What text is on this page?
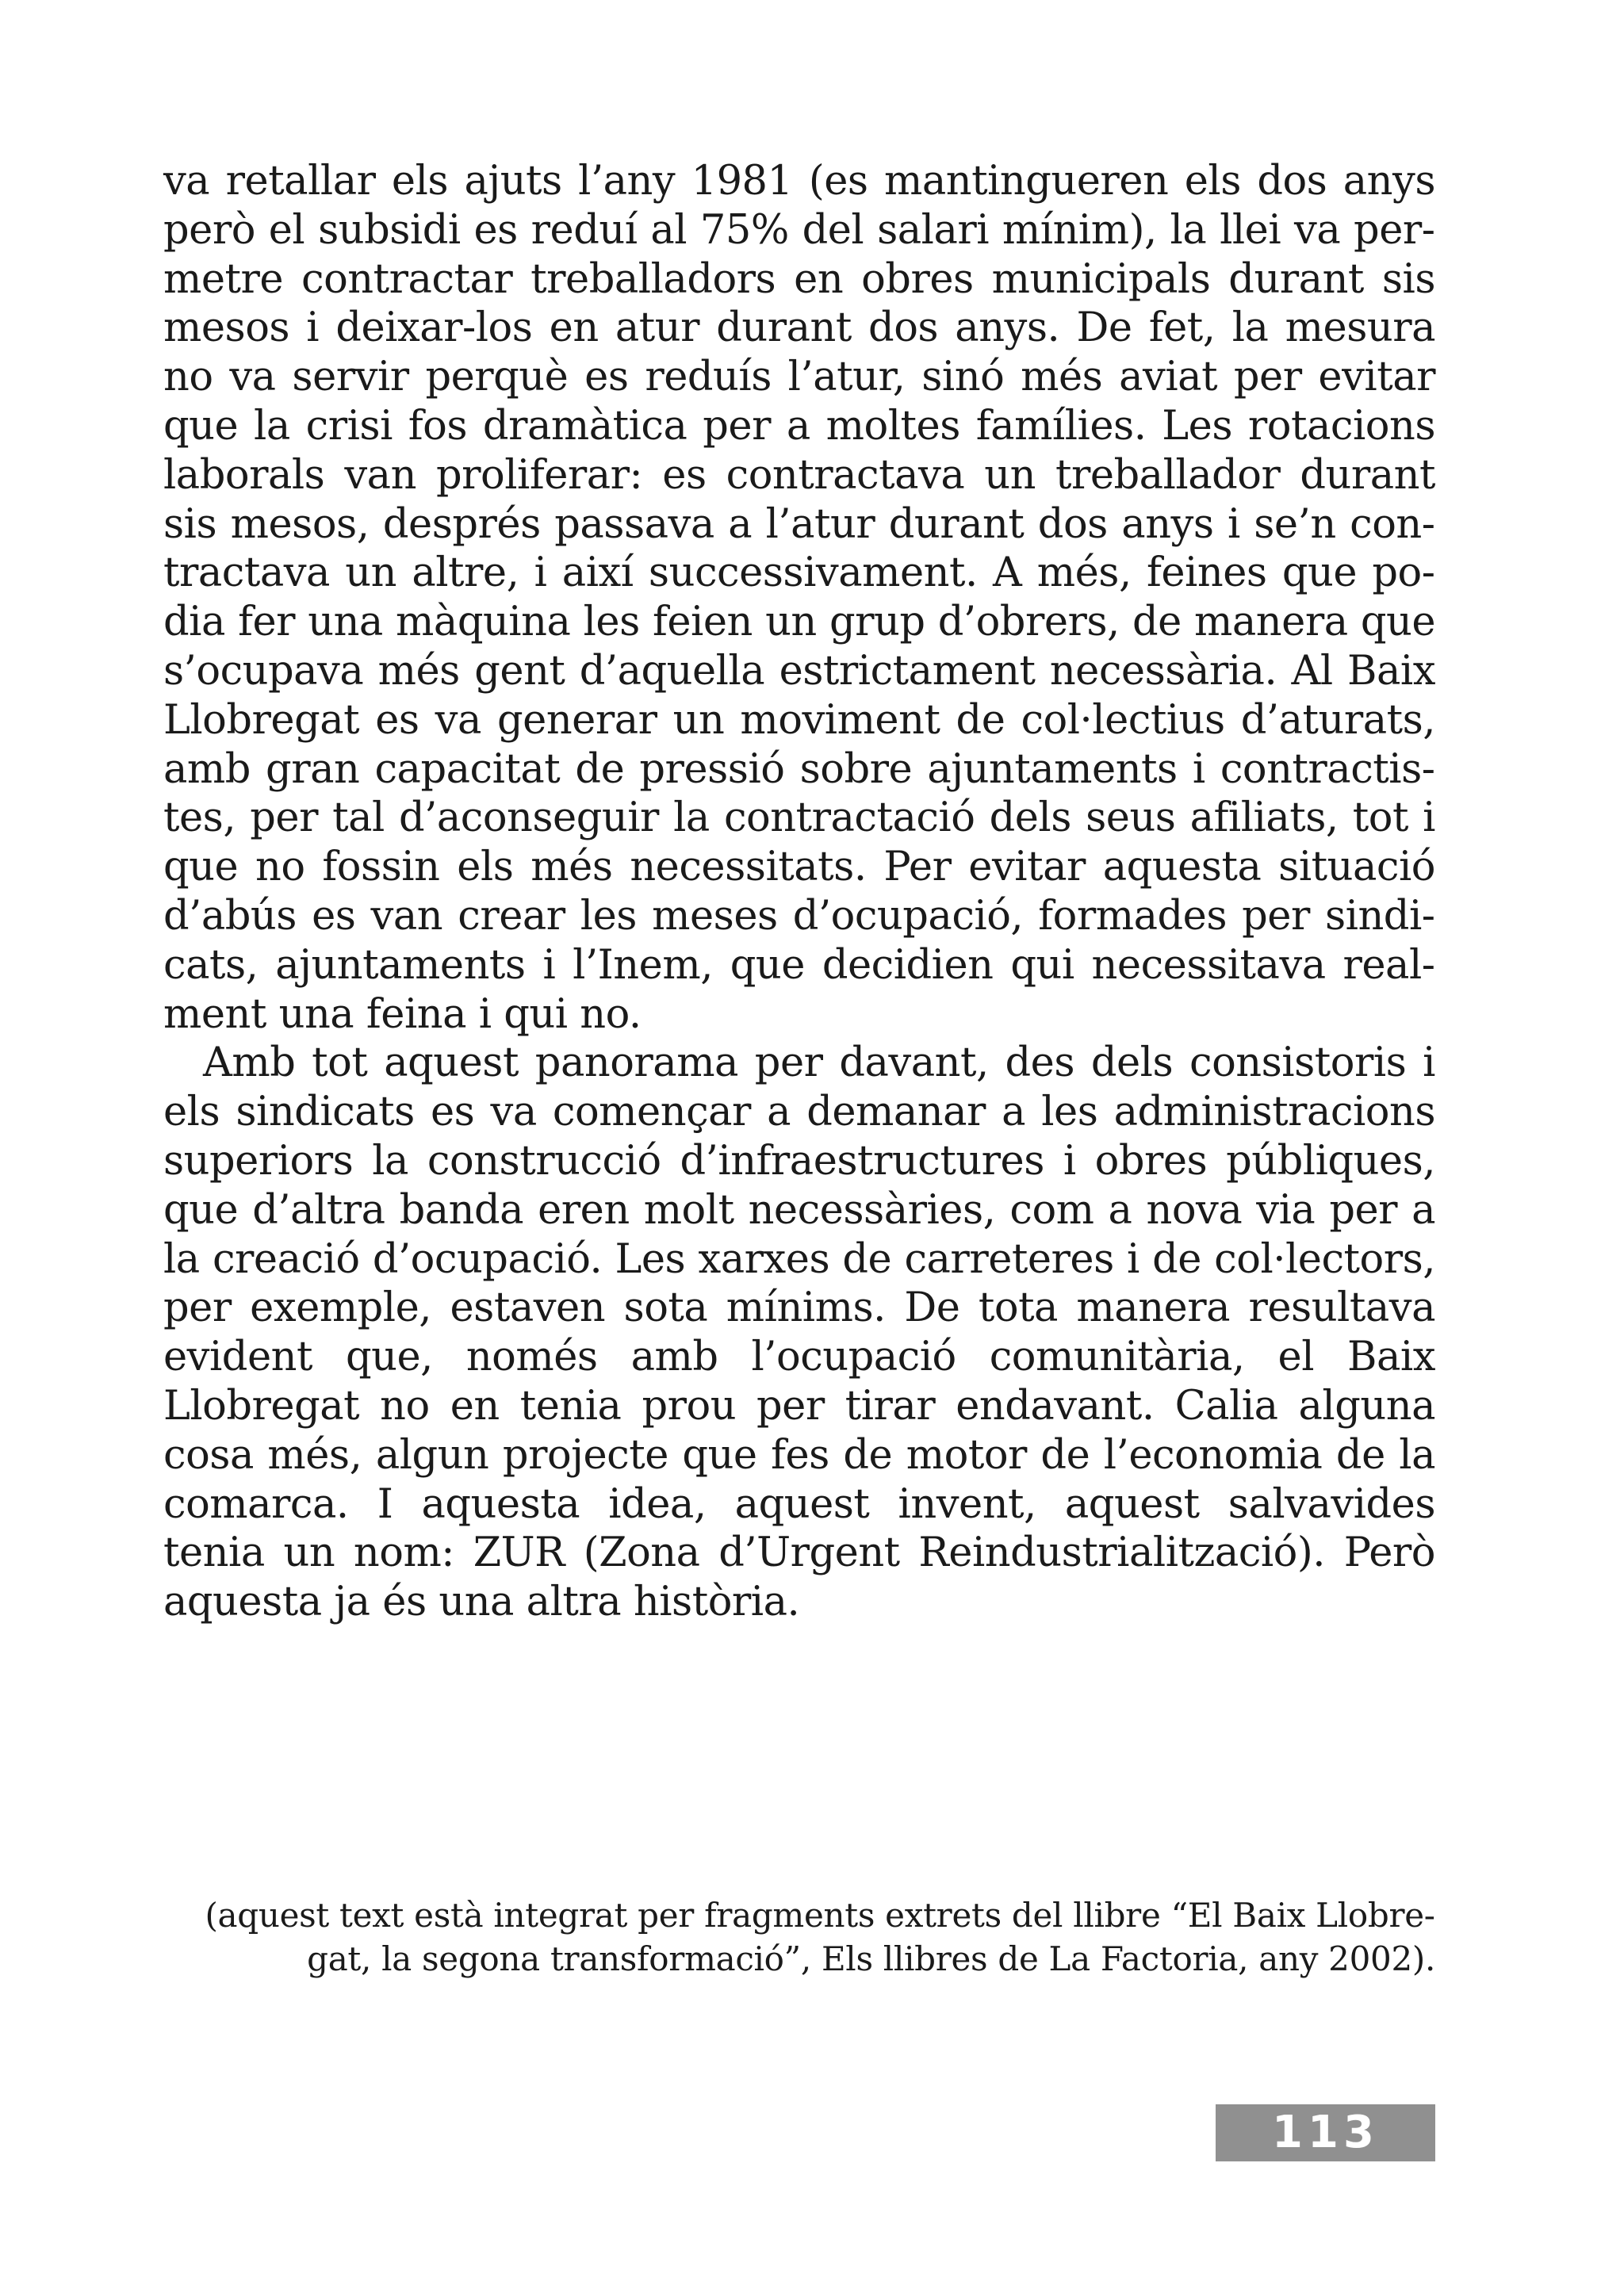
va retallar els ajuts l’any 1981 (es mantingueren els dos anys però el subsidi es reduí al 75% del salari mínim), la llei va permetre contractar treballadors en obres municipals durant sis mesos i deixar-los en atur durant dos anys. De fet, la mesura no va servir perquè es reduís l’atur, sinó més aviat per evitar que la crisi fos dramàtica per a moltes famílies. Les rotacions laborals van proliferar: es contractava un treballador durant sis mesos, després passava a l’atur durant dos anys i se’n contractava un altre, i així successivament. A més, feines que podia fer una màquina les feien un grup d’obrers, de manera que s’ocupava més gent d’aquella estrictament necessària. Al Baix Llobregat es va generar un moviment de col·lectius d’aturats, amb gran capacitat de pressió sobre ajuntaments i contractistes, per tal d’aconseguir la contractació dels seus afiliats, tot i que no fossin els més necessitats. Per evitar aquesta situació d’abús es van crear les meses d’ocupació, formades per sindicats, ajuntaments i l’Inem, que decidien qui necessitava realment una feina i qui no.

Amb tot aquest panorama per davant, des dels consistoris i els sindicats es va començar a demanar a les administracions superiors la construcció d’infraestructures i obres públiques, que d’altra banda eren molt necessàries, com a nova via per a la creació d’ocupació. Les xarxes de carreteres i de col·lectors, per exemple, estaven sota mínims. De tota manera resultava evident que, només amb l’ocupació comunitària, el Baix Llobregat no en tenia prou per tirar endavant. Calia alguna cosa més, algun projecte que fes de motor de l’economia de la comarca. I aquesta idea, aquest invent, aquest salvavides tenia un nom: ZUR (Zona d’Urgent Reindustrialització). Però aquesta ja és una altra història.

(aquest text està integrat per fragments extrets del llibre “El Baix Llobregat, la segona transformació”, Els llibres de La Factoria, any 2002).
113
